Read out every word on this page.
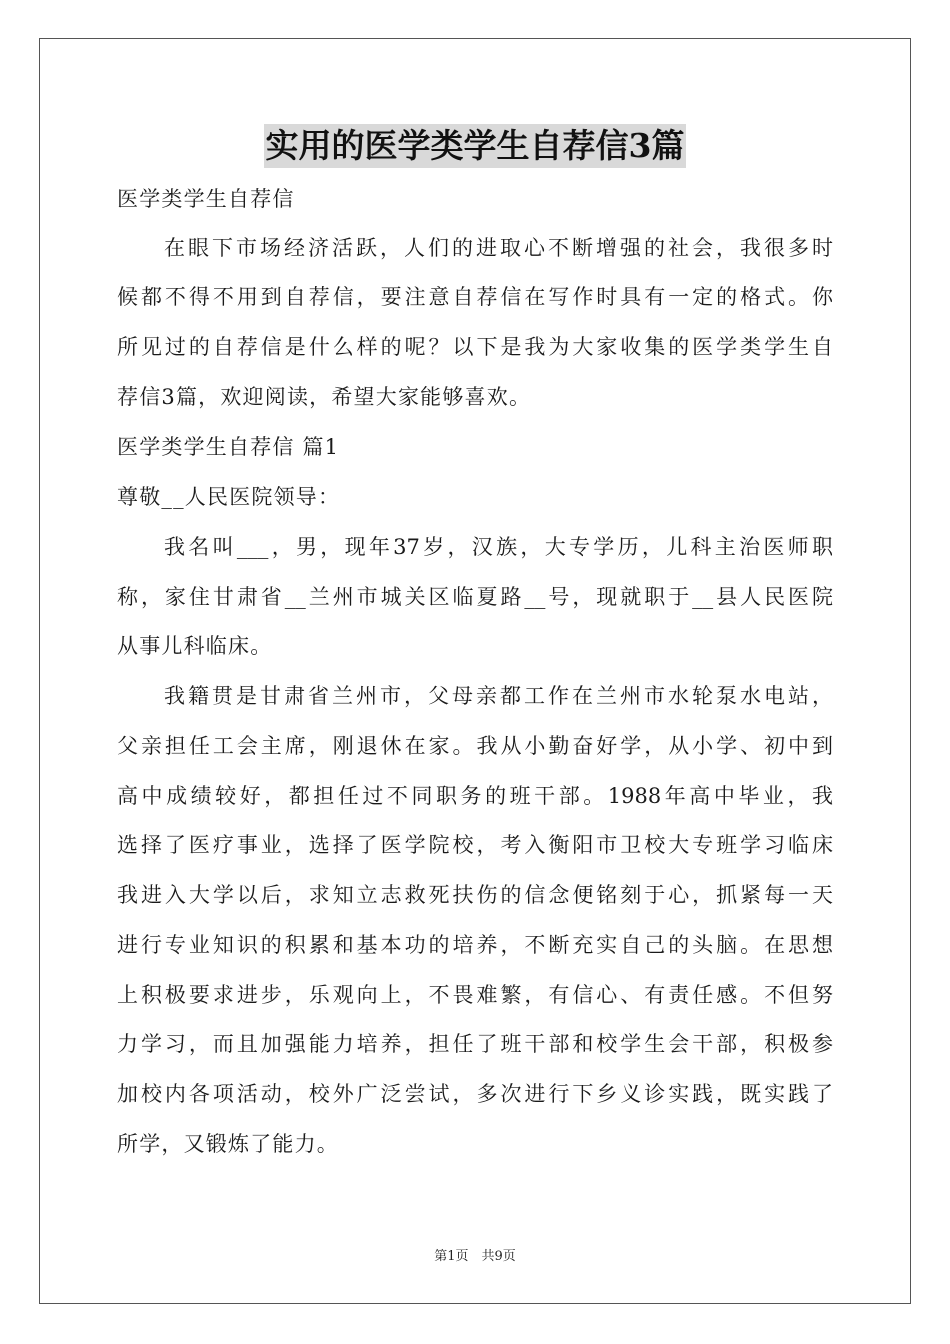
实用的医学类学生自荐信3篇
医学类学生自荐信
在眼下市场经济活跃，人们的进取心不断增强的社会，我很多时
候都不得不用到自荐信，要注意自荐信在写作时具有一定的格式。你
所见过的自荐信是什么样的呢？以下是我为大家收集的医学类学生自
荐信3篇，欢迎阅读，希望大家能够喜欢。
医学类学生自荐信 篇1
尊敬__人民医院领导：
我名叫___，男，现年37岁，汉族，大专学历，儿科主治医师职
称，家住甘肃省__兰州市城关区临夏路__号，现就职于__县人民医院
从事儿科临床。
我籍贯是甘肃省兰州市，父母亲都工作在兰州市水轮泵水电站，
父亲担任工会主席，刚退休在家。我从小勤奋好学，从小学、初中到
高中成绩较好，都担任过不同职务的班干部。1988年高中毕业，我
选择了医疗事业，选择了医学院校，考入衡阳市卫校大专班学习临床
我进入大学以后，求知立志救死扶伤的信念便铭刻于心，抓紧每一天
进行专业知识的积累和基本功的培养，不断充实自己的头脑。在思想
上积极要求进步，乐观向上，不畏难繁，有信心、有责任感。不但努
力学习，而且加强能力培养，担任了班干部和校学生会干部，积极参
加校内各项活动，校外广泛尝试，多次进行下乡义诊实践，既实践了
所学，又锻炼了能力。
第1页　共9页
